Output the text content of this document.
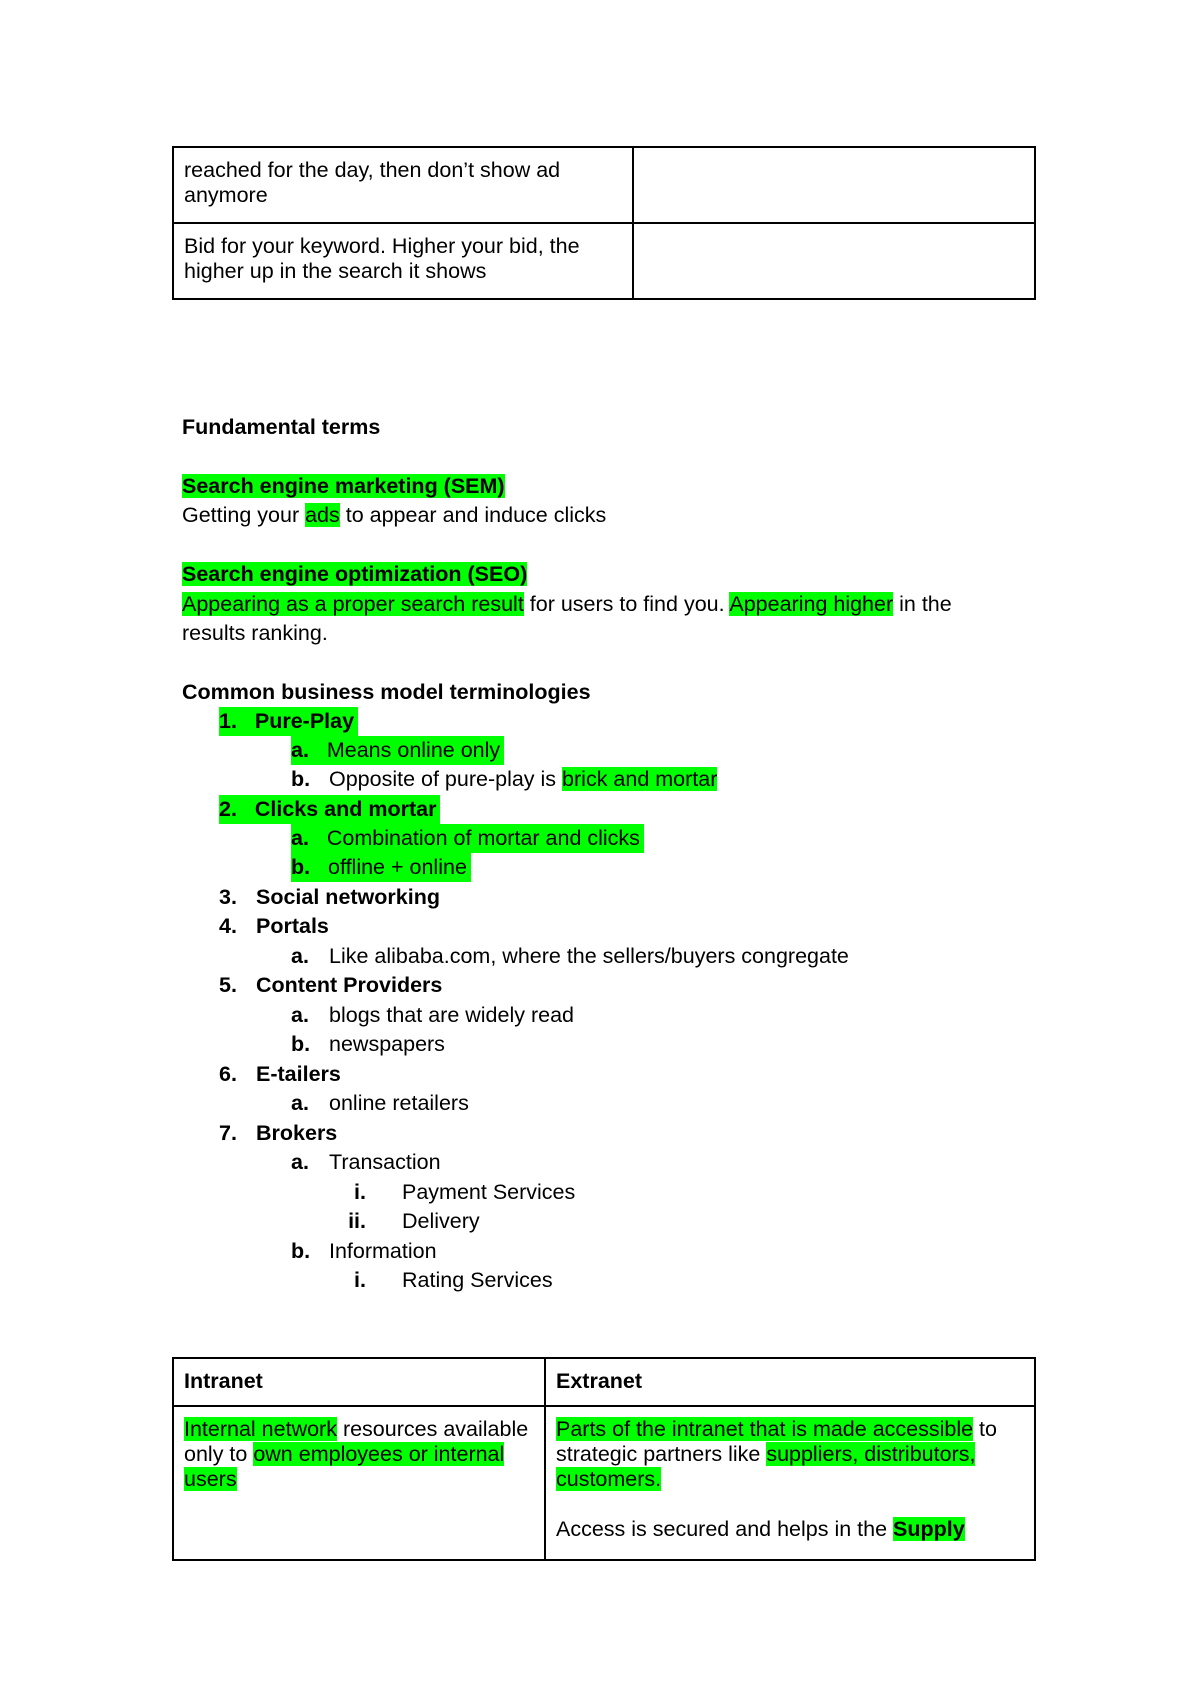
reached for the day, then don’t show ad anymore	
Bid for your keyword. Higher your bid, the higher up in the search it shows	
Fundamental terms
Search engine marketing (SEM)
Getting your ads to appear and induce clicks
Search engine optimization (SEO)
Appearing as a proper search result for users to find you. Appearing higher in the
results ranking.
Common business model terminologies
1. Pure-Play
a. Means online only
b. Opposite of pure-play is brick and mortar
2. Clicks and mortar
a. Combination of mortar and clicks
b. offline + online
3. Social networking
4. Portals
a. Like alibaba.com, where the sellers/buyers congregate
5. Content Providers
a. blogs that are widely read
b. newspapers
6. E-tailers
a. online retailers
7. Brokers
a. Transaction
i. Payment Services
ii. Delivery
b. Information
i. Rating Services
Intranet	Extranet
Internal network resources available only to own employees or internal users	Parts of the intranet that is made accessible to strategic partners like suppliers, distributors, customers.
Access is secured and helps in the Supply
